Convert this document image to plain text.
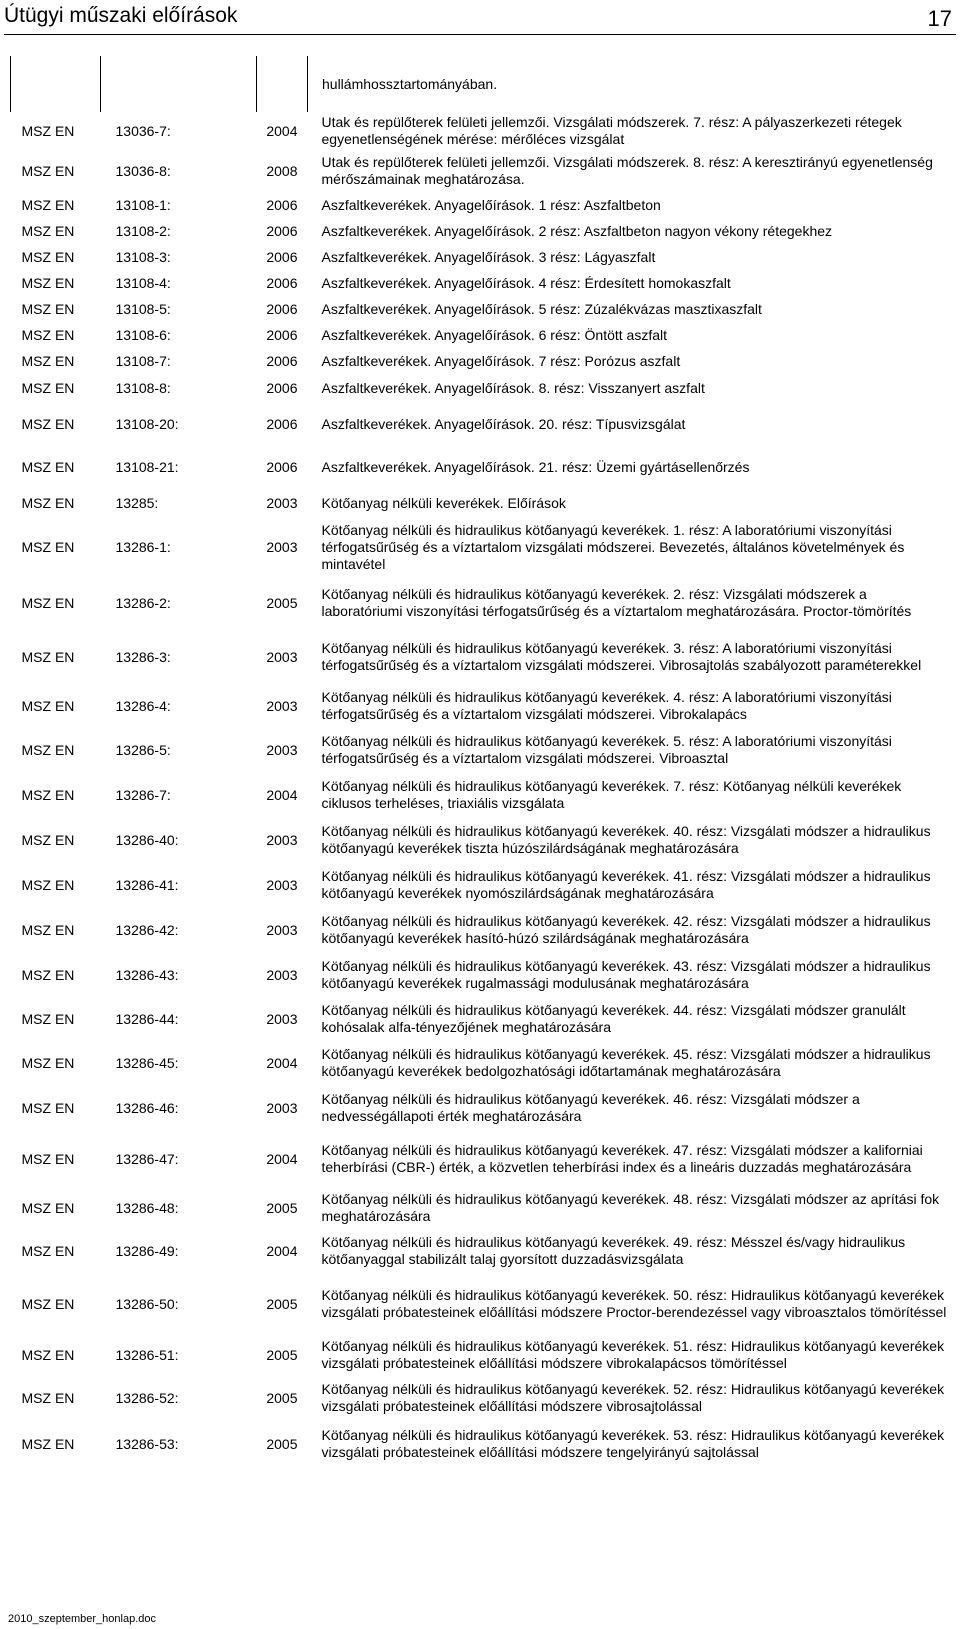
Útügyi műszaki előírások	17
			hullámhossztartományában.
MSZ EN	13036-7:	2004	Utak és repülőterek felületi jellemzői. Vizsgálati módszerek. 7. rész: A pályaszerkezeti rétegek egyenetlenségének mérése: mérőléces vizsgálat
MSZ EN	13036-8:	2008	Utak és repülőterek felületi jellemzői. Vizsgálati módszerek. 8. rész: A keresztirányú egyenetlenség mérőszámainak meghatározása.
MSZ EN	13108-1:	2006	Aszfaltkeverékek. Anyagelőírások. 1 rész: Aszfaltbeton
MSZ EN	13108-2:	2006	Aszfaltkeverékek. Anyagelőírások. 2 rész: Aszfaltbeton nagyon vékony rétegekhez
MSZ EN	13108-3:	2006	Aszfaltkeverékek. Anyagelőírások. 3 rész: Lágyaszfalt
MSZ EN	13108-4:	2006	Aszfaltkeverékek. Anyagelőírások. 4 rész: Érdesített homokaszfalt
MSZ EN	13108-5:	2006	Aszfaltkeverékek. Anyagelőírások. 5 rész: Zúzalékvázas masztixaszfalt
MSZ EN	13108-6:	2006	Aszfaltkeverékek. Anyagelőírások. 6 rész: Öntött aszfalt
MSZ EN	13108-7:	2006	Aszfaltkeverékek. Anyagelőírások. 7 rész: Porózus aszfalt
MSZ EN	13108-8:	2006	Aszfaltkeverékek. Anyagelőírások. 8. rész: Visszanyert aszfalt
MSZ EN	13108-20:	2006	Aszfaltkeverékek. Anyagelőírások. 20. rész: Típusvizsgálat
MSZ EN	13108-21:	2006	Aszfaltkeverékek. Anyagelőírások. 21. rész: Üzemi gyártásellenőrzés
MSZ EN	13285:	2003	Kötőanyag nélküli keverékek. Előírások
MSZ EN	13286-1:	2003	Kötőanyag nélküli és hidraulikus kötőanyagú keverékek. 1. rész: A laboratóriumi viszonyítási térfogatsűrűség és a víztartalom vizsgálati módszerei. Bevezetés, általános követelmények és mintavétel
MSZ EN	13286-2:	2005	Kötőanyag nélküli és hidraulikus kötőanyagú keverékek. 2. rész: Vizsgálati módszerek a laboratóriumi viszonyítási térfogatsűrűség és a víztartalom meghatározására. Proctor-tömörítés
MSZ EN	13286-3:	2003	Kötőanyag nélküli és hidraulikus kötőanyagú keverékek. 3. rész: A laboratóriumi viszonyítási térfogatsűrűség és a víztartalom vizsgálati módszerei. Vibrosajtolás szabályozott paraméterekkel
MSZ EN	13286-4:	2003	Kötőanyag nélküli és hidraulikus kötőanyagú keverékek. 4. rész: A laboratóriumi viszonyítási térfogatsűrűség és a víztartalom vizsgálati módszerei. Vibrokalapács
MSZ EN	13286-5:	2003	Kötőanyag nélküli és hidraulikus kötőanyagú keverékek. 5. rész: A laboratóriumi viszonyítási térfogatsűrűség és a víztartalom vizsgálati módszerei. Vibroasztal
MSZ EN	13286-7:	2004	Kötőanyag nélküli és hidraulikus kötőanyagú keverékek. 7. rész: Kötőanyag nélküli keverékek ciklusos terheléses, triaxiális vizsgálata
MSZ EN	13286-40:	2003	Kötőanyag nélküli és hidraulikus kötőanyagú keverékek. 40. rész: Vizsgálati módszer a hidraulikus kötőanyagú keverékek tiszta húzószilárdságának meghatározására
MSZ EN	13286-41:	2003	Kötőanyag nélküli és hidraulikus kötőanyagú keverékek. 41. rész: Vizsgálati módszer a hidraulikus kötőanyagú keverékek nyomószilárdságának meghatározására
MSZ EN	13286-42:	2003	Kötőanyag nélküli és hidraulikus kötőanyagú keverékek. 42. rész: Vizsgálati módszer a hidraulikus kötőanyagú keverékek hasító-húzó szilárdságának meghatározására
MSZ EN	13286-43:	2003	Kötőanyag nélküli és hidraulikus kötőanyagú keverékek. 43. rész: Vizsgálati módszer a hidraulikus kötőanyagú keverékek rugalmassági modulusának meghatározására
MSZ EN	13286-44:	2003	Kötőanyag nélküli és hidraulikus kötőanyagú keverékek. 44. rész: Vizsgálati módszer granulált kohósalak alfa-tényezőjének meghatározására
MSZ EN	13286-45:	2004	Kötőanyag nélküli és hidraulikus kötőanyagú keverékek. 45. rész: Vizsgálati módszer a hidraulikus kötőanyagú keverékek bedolgozhatósági időtartamának meghatározására
MSZ EN	13286-46:	2003	Kötőanyag nélküli és hidraulikus kötőanyagú keverékek. 46. rész: Vizsgálati módszer a nedvességállapoti érték meghatározására
MSZ EN	13286-47:	2004	Kötőanyag nélküli és hidraulikus kötőanyagú keverékek. 47. rész: Vizsgálati módszer a kaliforniai teherbírási (CBR-) érték, a közvetlen teherbírási index és a lineáris duzzadás meghatározására
MSZ EN	13286-48:	2005	Kötőanyag nélküli és hidraulikus kötőanyagú keverékek. 48. rész: Vizsgálati módszer az aprítási fok meghatározására
MSZ EN	13286-49:	2004	Kötőanyag nélküli és hidraulikus kötőanyagú keverékek. 49. rész: Mésszel és/vagy hidraulikus kötőanyaggal stabilizált talaj gyorsított duzzadásvizsgálata
MSZ EN	13286-50:	2005	Kötőanyag nélküli és hidraulikus kötőanyagú keverékek. 50. rész: Hidraulikus kötőanyagú keverékek vizsgálati próbatesteinek előállítási módszere Proctor-berendezéssel vagy vibroasztalos tömörítéssel
MSZ EN	13286-51:	2005	Kötőanyag nélküli és hidraulikus kötőanyagú keverékek. 51. rész: Hidraulikus kötőanyagú keverékek vizsgálati próbatesteinek előállítási módszere vibrokalapácsos tömörítéssel
MSZ EN	13286-52:	2005	Kötőanyag nélküli és hidraulikus kötőanyagú keverékek. 52. rész: Hidraulikus kötőanyagú keverékek vizsgálati próbatesteinek előállítási módszere vibrosajtolással
MSZ EN	13286-53:	2005	Kötőanyag nélküli és hidraulikus kötőanyagú keverékek. 53. rész: Hidraulikus kötőanyagú keverékek vizsgálati próbatesteinek előállítási módszere tengelyirányú sajtolással
2010_szeptember_honlap.doc
